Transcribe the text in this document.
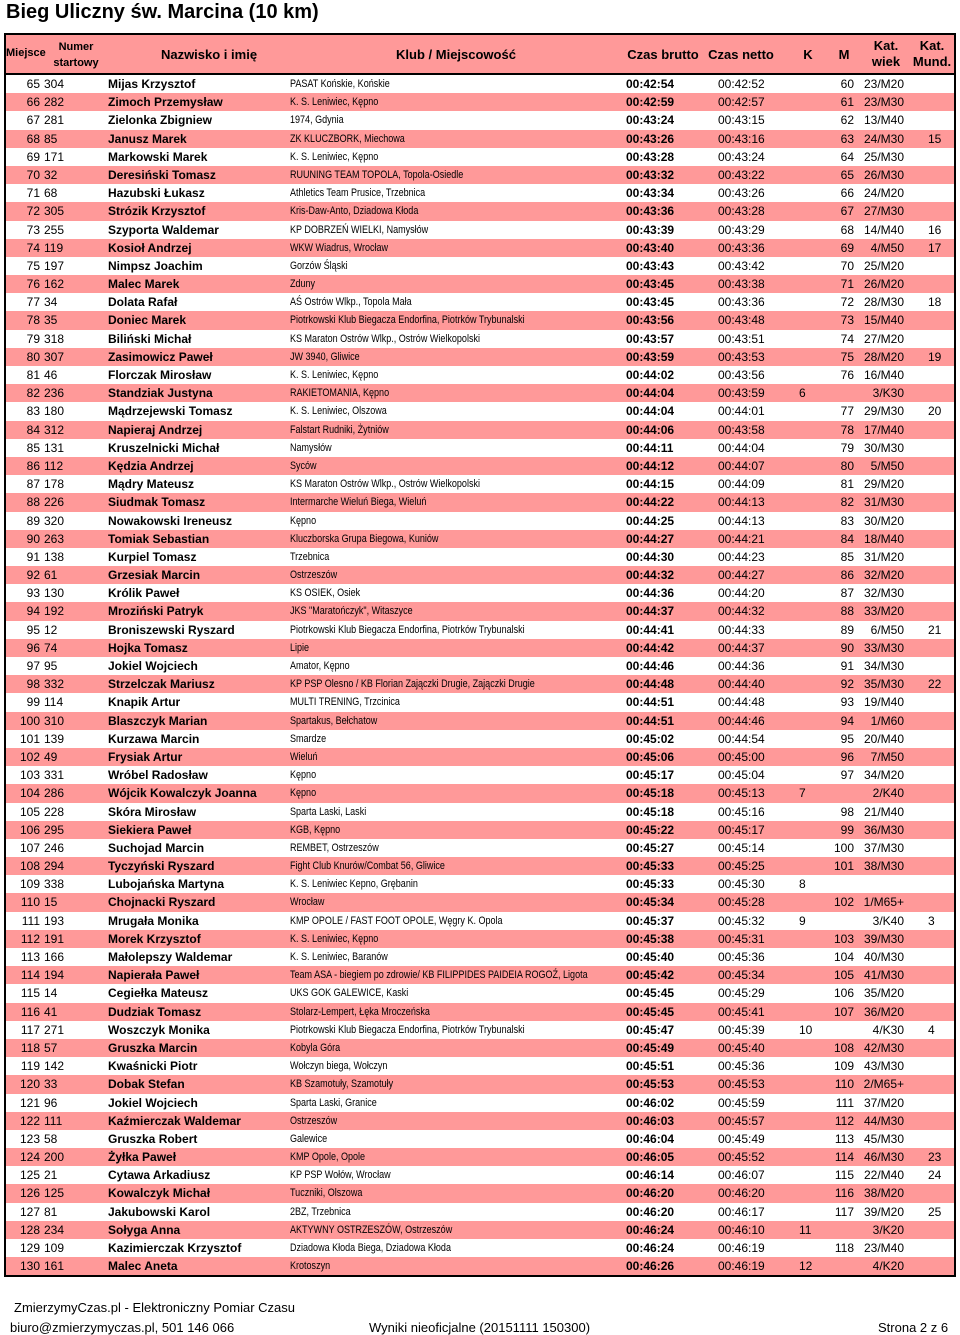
Bieg Uliczny św. Marcina (10 km)
Miejsce	Numer startowy
Nazwisko i imię	Klub / Miejscowość	Czas brutto Czas netto	K	M
Kat. wiek
Kat. Mund.
65 304	Mijas Krzysztof	PASAT Końskie, Końskie	00:42:54	00:42:52	60 23/M20
66 282	Zimoch Przemysław	K. S. Leniwiec, Kępno	00:42:59	00:42:57	61 23/M30
67 281	Zielonka Zbigniew	1974, Gdynia	00:43:24	00:43:15	62 13/M40
68 85	Janusz Marek	ZK KLUCZBORK, Miechowa	00:43:26	00:43:16	63 24/M30 15
69 171	Markowski Marek	K. S. Leniwiec, Kępno	00:43:28	00:43:24	64 25/M30
70 32	Deresiński Tomasz	RUUNING TEAM TOPOLA, Topola-Osiedle	00:43:32	00:43:22	65 26/M30
71 68	Hazubski Łukasz	Athletics Team Prusice, Trzebnica	00:43:34	00:43:26	66 24/M20
72 305	Strózik Krzysztof	Kris-Daw-Anto, Dziadowa Kłoda	00:43:36	00:43:28	67 27/M30
73 255	Szyporta Waldemar	KP DOBRZEŃ WIELKI, Namysłów	00:43:39	00:43:29	68 14/M40 16
74 119	Kosioł Andrzej	WKW Wiadrus, Wrocław	00:43:40	00:43:36	69	4/M50 17
75 197	Nimpsz Joachim	Gorzów Śląski	00:43:43	00:43:42	70 25/M20
76 162	Malec Marek	Zduny	00:43:45	00:43:38	71 26/M20
77 34	Dolata Rafał	AŚ Ostrów Wlkp., Topola Mała	00:43:45	00:43:36	72 28/M30 18
78 35	Doniec Marek	Piotrkowski Klub Biegacza Endorfina, Piotrków Trybunalski	00:43:56	00:43:48	73 15/M40
79 318	Biliński Michał	KS Maraton Ostrów Wlkp., Ostrów Wielkopolski	00:43:57	00:43:51	74 27/M20
80 307	Zasimowicz Paweł	JW 3940, Gliwice	00:43:59	00:43:53	75 28/M20 19
81 46	Florczak Mirosław	K. S. Leniwiec, Kępno	00:44:02	00:43:56	76 16/M40
82 236	Standziak Justyna	RAKIETOMANIA, Kępno	00:44:04	00:43:59	6	3/K30
83 180	Mądrzejewski Tomasz	K. S. Leniwiec, Olszowa	00:44:04	00:44:01	77 29/M30 20
84 312	Napieraj Andrzej	Falstart Rudniki, Żytniów	00:44:06	00:43:58	78 17/M40
85 131	Kruszelnicki Michał	Namysłów	00:44:11	00:44:04	79 30/M30
86 112	Kędzia Andrzej	Syców	00:44:12	00:44:07	80	5/M50
87 178	Mądry Mateusz	KS Maraton Ostrów Wlkp., Ostrów Wielkopolski	00:44:15	00:44:09	81 29/M20
88 226	Siudmak Tomasz	Intermarche Wieluń Biega, Wieluń	00:44:22	00:44:13	82 31/M30
89 320	Nowakowski Ireneusz	Kępno	00:44:25	00:44:13	83 30/M20
90 263	Tomiak Sebastian	Kluczborska Grupa Biegowa, Kuniów	00:44:27	00:44:21	84 18/M40
91 138	Kurpiel Tomasz	Trzebnica	00:44:30	00:44:23	85 31/M20
92 61	Grzesiak Marcin	Ostrzeszów	00:44:32	00:44:27	86 32/M20
93 130	Królik Paweł	KS OSIEK, Osiek	00:44:36	00:44:20	87 32/M30
94 192	Mroziński Patryk	JKS "Maratończyk", Witaszyce	00:44:37	00:44:32	88 33/M20
95 12	Broniszewski Ryszard	Piotrkowski Klub Biegacza Endorfina, Piotrków Trybunalski	00:44:41	00:44:33	89	6/M50 21
96 74	Hojka Tomasz	Lipie	00:44:42	00:44:37	90 33/M30
97 95	Jokiel Wojciech	Amator, Kępno	00:44:46	00:44:36	91 34/M30
98 332	Strzelczak Mariusz	KP PSP Olesno / KB Florian Zajączki Drugie, Zajączki Drugie	00:44:48	00:44:40	92 35/M30 22
99 114	Knapik Artur	MULTI TRENING, Trzcinica	00:44:51	00:44:48	93 19/M40
100 310	Blaszczyk Marian	Spartakus, Bełchatow	00:44:51	00:44:46	94	1/M60
101 139	Kurzawa Marcin	Smardze	00:45:02	00:44:54	95 20/M40
102 49	Frysiak Artur	Wieluń	00:45:06	00:45:00	96	7/M50
103 331	Wróbel Radosław	Kępno	00:45:17	00:45:04	97 34/M20
104 286	Wójcik Kowalczyk Joanna	Kępno	00:45:18	00:45:13	7	2/K40
105 228	Skóra Mirosław	Sparta Laski, Laski	00:45:18	00:45:16	98 21/M40
106 295	Siekiera Paweł	KGB, Kępno	00:45:22	00:45:17	99 36/M30
107 246	Suchojad Marcin	REMBET, Ostrzeszów	00:45:27	00:45:14	100 37/M30
108 294	Tyczyński Ryszard	Fight Club Knurów/Combat 56, Gliwice	00:45:33	00:45:25	101 38/M30
109 338	Lubojańska Martyna	K. S. Leniwiec Kepno, Grębanin	00:45:33	00:45:30	8
110 15	Chojnacki Ryszard	Wrocław	00:45:34	00:45:28	102 1/M65+
111 193	Mrugała Monika	KMP OPOLE / FAST FOOT OPOLE, Węgry K. Opola	00:45:37	00:45:32	9	3/K40 3
112 191	Morek Krzysztof	K. S. Leniwiec, Kępno	00:45:38	00:45:31	103 39/M30
113 166	Małolepszy Waldemar	K. S. Leniwiec, Baranów	00:45:40	00:45:36	104 40/M30
114 194	Napierała Paweł	Team ASA - biegiem po zdrowie/ KB FILIPPIDES PAIDEIA ROGOŹ, Ligota	00:45:42	00:45:34	105 41/M30
115 14	Cegiełka Mateusz	UKS GOK GALEWICE, Kaski	00:45:45	00:45:29	106 35/M20
116 41	Dudziak Tomasz	Stolarz-Lempert, Łęka Mroczeńska	00:45:45	00:45:41	107 36/M20
117 271	Woszczyk Monika	Piotrkowski Klub Biegacza Endorfina, Piotrków Trybunalski	00:45:47	00:45:39	10	4/K30 4
118 57	Gruszka Marcin	Kobyla Góra	00:45:49	00:45:40	108 42/M30
119 142	Kwaśnicki Piotr	Wołczyn biega, Wołczyn	00:45:51	00:45:36	109 43/M30
120 33	Dobak Stefan	KB Szamotuły, Szamotuły	00:45:53	00:45:53	110 2/M65+
121 96	Jokiel Wojciech	Sparta Laski, Granice	00:46:02	00:45:59	111 37/M20
122 111	Kaźmierczak Waldemar	Ostrzeszów	00:46:03	00:45:57	112 44/M30
123 58	Gruszka Robert	Galewice	00:46:04	00:45:49	113 45/M30
124 200	Żyłka Paweł	KMP Opole, Opole	00:46:05	00:45:52	114 46/M30 23
125 21	Cytawa Arkadiusz	KP PSP Wołów, Wrocław	00:46:14	00:46:07	115 22/M40 24
126 125	Kowalczyk Michał	Tuczniki, Olszowa	00:46:20	00:46:20	116 38/M20
127 81	Jakubowski Karol	2BZ, Trzebnica	00:46:20	00:46:17	117 39/M20 25
128 234	Sołyga Anna	AKTYWNY OSTRZESZÓW, Ostrzeszów	00:46:24	00:46:10	11	3/K20
129 109	Kazimierczak Krzysztof	Dziadowa Kłoda Biega, Dziadowa Kłoda	00:46:24	00:46:19	118 23/M40
130 161	Malec Aneta	Krotoszyn	00:46:26	00:46:19	12	4/K20
ZmierzymyCzas.pl - Elektroniczny Pomiar Czasu
biuro@zmierzymyczas.pl, 501 146 066	Wyniki nieoficjalne (20151111 150300)	Strona 2 z 6
